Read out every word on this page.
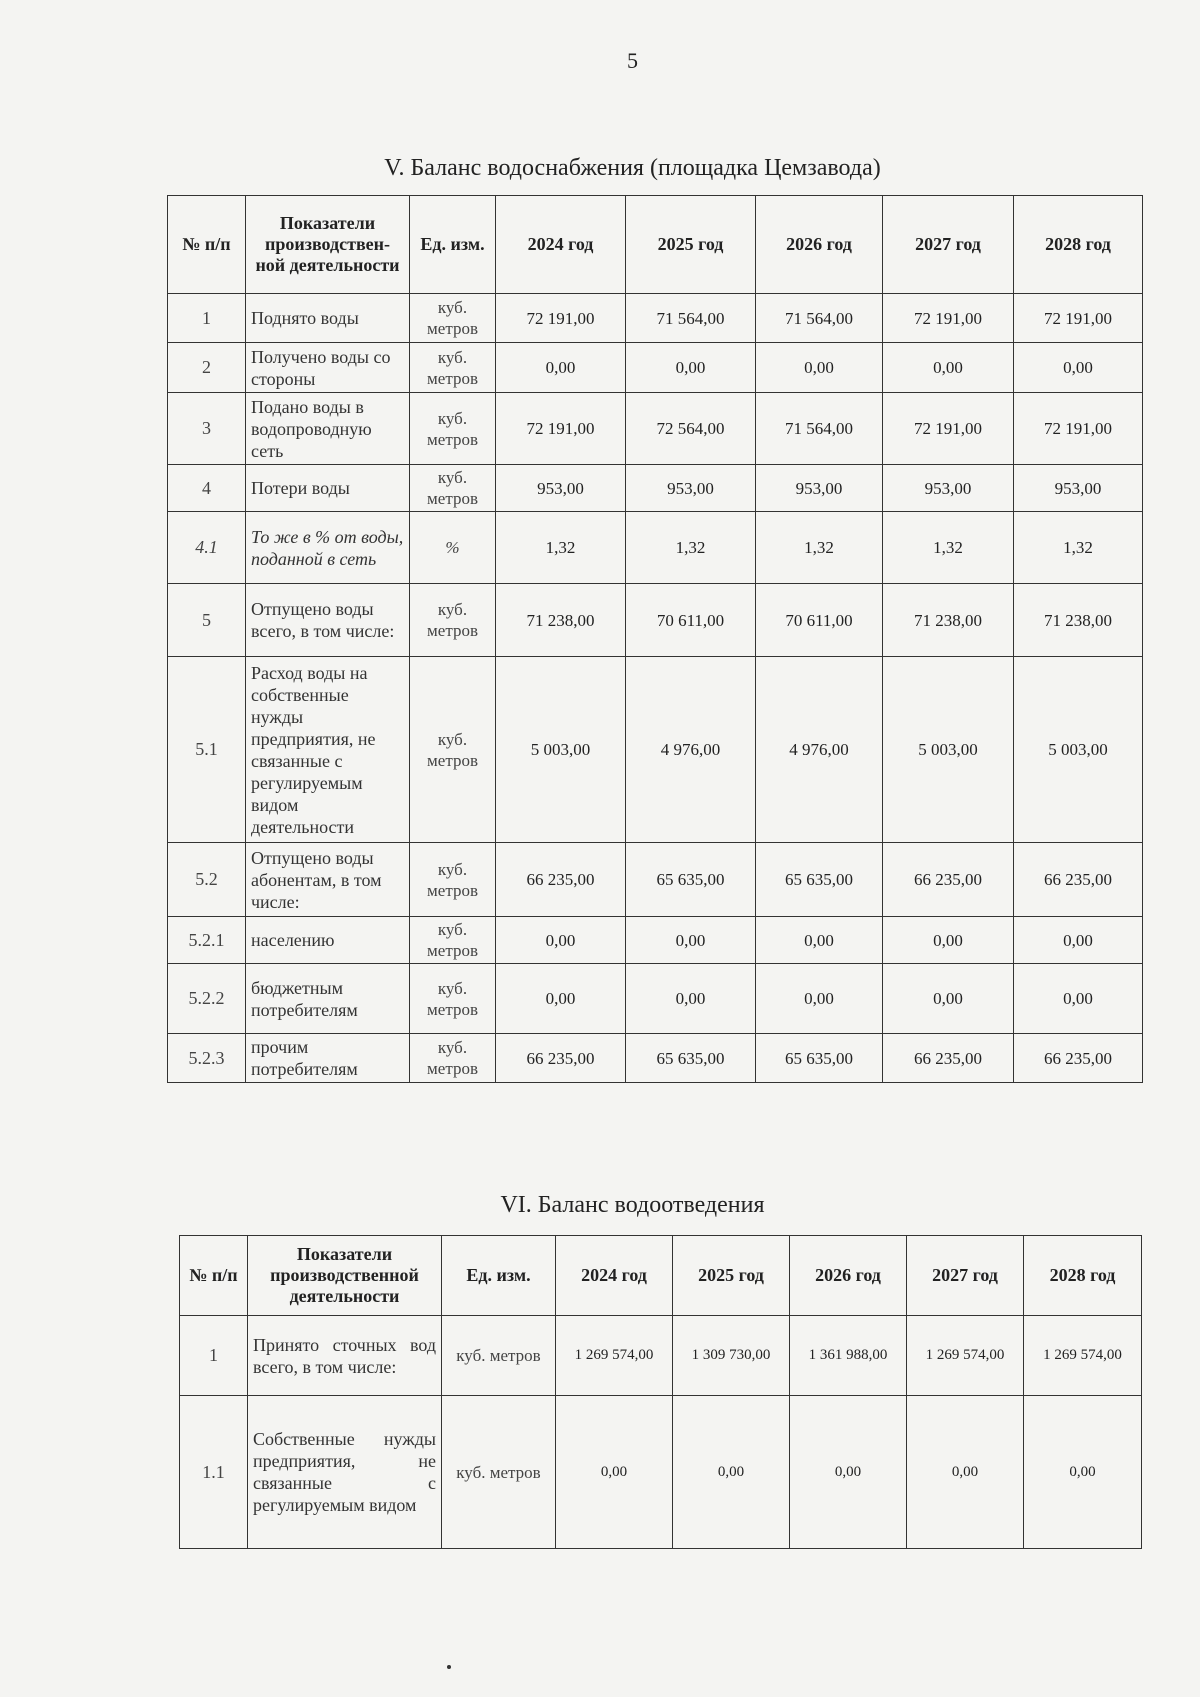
5
V. Баланс водоснабжения (площадка Цемзавода)
№ п/п	Показатели производствен-ной деятельности	Ед. изм.	2024 год	2025 год	2026 год	2027 год	2028 год
1	Поднято воды	куб. метров	72 191,00	71 564,00	71 564,00	72 191,00	72 191,00
2	Получено воды со стороны	куб. метров	0,00	0,00	0,00	0,00	0,00
3	Подано воды в водопроводную сеть	куб. метров	72 191,00	72 564,00	71 564,00	72 191,00	72 191,00
4	Потери воды	куб. метров	953,00	953,00	953,00	953,00	953,00
4.1	То же в % от воды, поданной в сеть	%	1,32	1,32	1,32	1,32	1,32
5	Отпущено воды всего, в том числе:	куб. метров	71 238,00	70 611,00	70 611,00	71 238,00	71 238,00
5.1	Расход воды на собственные нужды предприятия, не связанные с регулируемым видом деятельности	куб. метров	5 003,00	4 976,00	4 976,00	5 003,00	5 003,00
5.2	Отпущено воды абонентам, в том числе:	куб. метров	66 235,00	65 635,00	65 635,00	66 235,00	66 235,00
5.2.1	населению	куб. метров	0,00	0,00	0,00	0,00	0,00
5.2.2	бюджетным потребителям	куб. метров	0,00	0,00	0,00	0,00	0,00
5.2.3	прочим потребителям	куб. метров	66 235,00	65 635,00	65 635,00	66 235,00	66 235,00
VI. Баланс водоотведения
№ п/п	Показатели производственной деятельности	Ед. изм.	2024 год	2025 год	2026 год	2027 год	2028 год
1	Принято сточных вод всего, в том числе:	куб. метров	1 269 574,00	1 309 730,00	1 361 988,00	1 269 574,00	1 269 574,00
1.1	Собственные нужды предприятия, не связанные с регулируемым видом	куб. метров	0,00	0,00	0,00	0,00	0,00
